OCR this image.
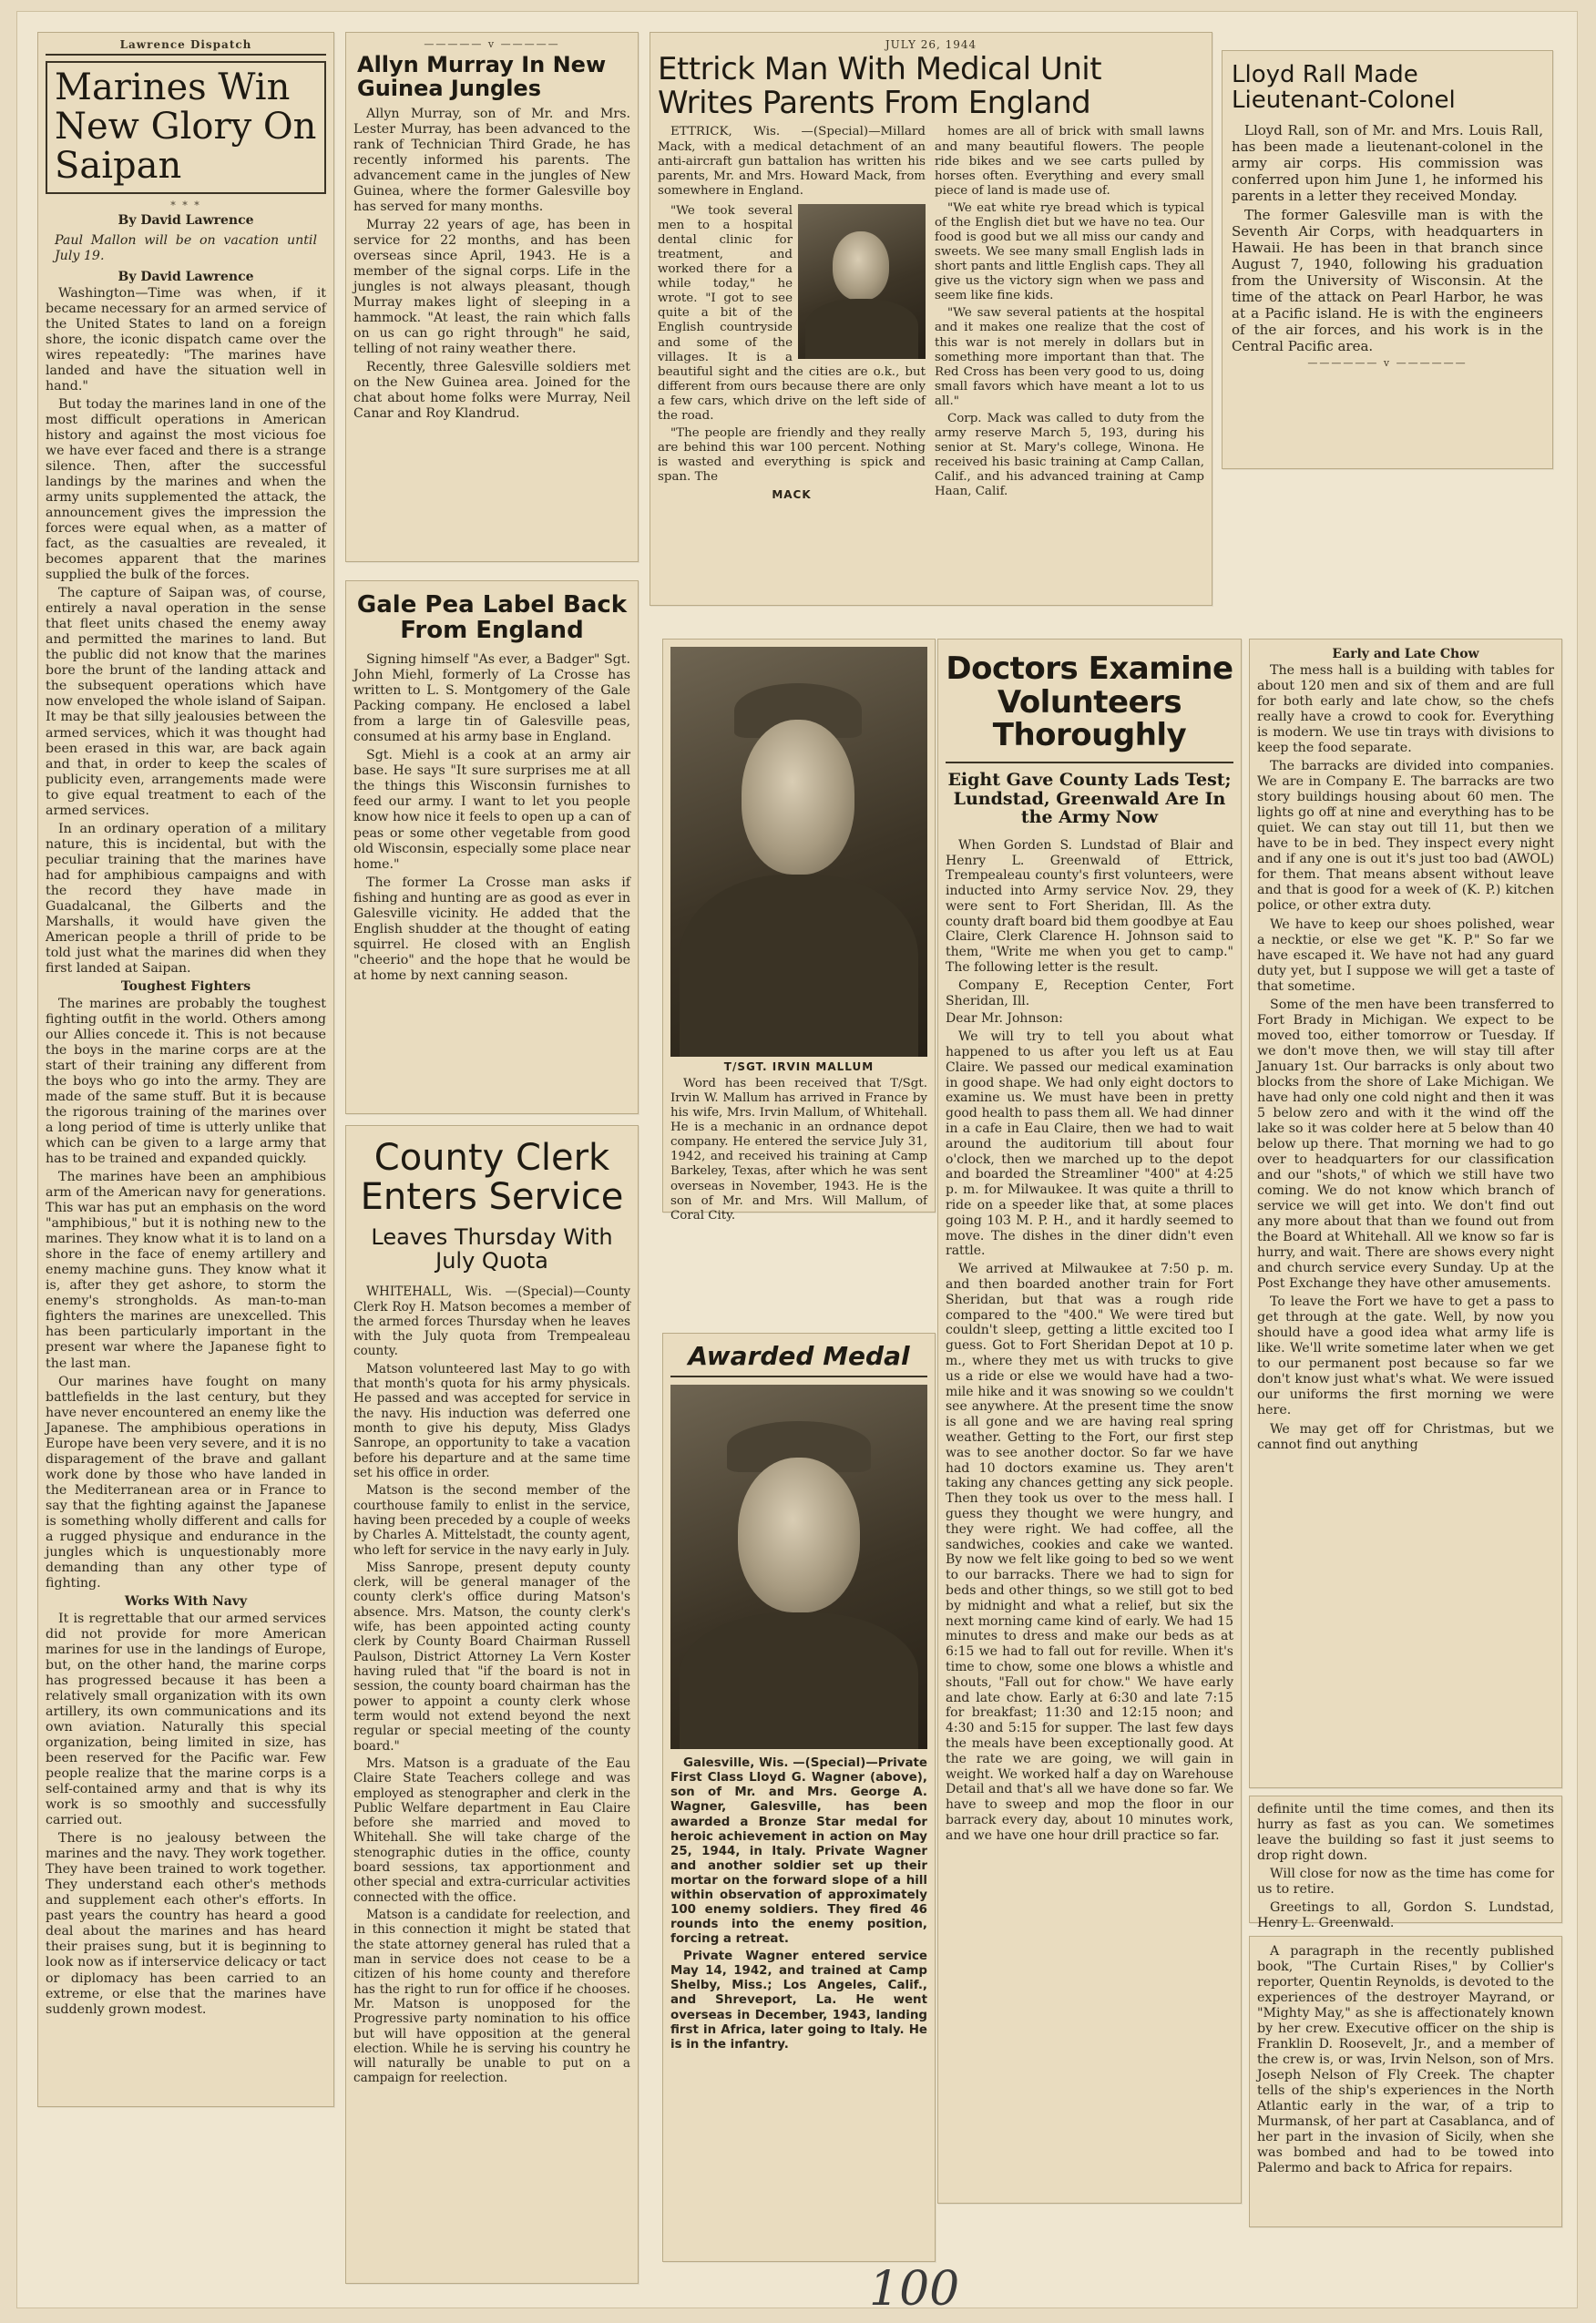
Lawrence Dispatch
Marines Win New Glory On Saipan
* * *
By David Lawrence
Paul Mallon will be on vacation until July 19.
By David Lawrence

Washington—Time was when, if it became necessary for an armed service of the United States to land on a foreign shore, the iconic dispatch came over the wires repeatedly: "The marines have landed and have the situation well in hand."

But today the marines land in one of the most difficult operations in American history and against the most vicious foe we have ever faced and there is a strange silence. Then, after the successful landings by the marines and when the army units supplemented the attack, the announcement gives the impression the forces were equal when, as a matter of fact, as the casualties are revealed, it becomes apparent that the marines supplied the bulk of the forces.

The capture of Saipan was, of course, entirely a naval operation in the sense that fleet units chased the enemy away and permitted the marines to land. But the public did not know that the marines bore the brunt of the landing attack and the subsequent operations which have now enveloped the whole island of Saipan. It may be that silly jealousies between the armed services, which it was thought had been erased in this war, are back again and that, in order to keep the scales of publicity even, arrangements made were to give equal treatment to each of the armed services.

In an ordinary operation of a military nature, this is incidental, but with the peculiar training that the marines have had for amphibious campaigns and with the record they have made in Guadalcanal, the Gilberts and the Marshalls, it would have given the American people a thrill of pride to be told just what the marines did when they first landed at Saipan.

Toughest Fighters

The marines are probably the toughest fighting outfit in the world. Others among our Allies concede it. This is not because the boys in the marine corps are at the start of their training any different from the boys who go into the army. They are made of the same stuff. But it is because the rigorous training of the marines over a long period of time is utterly unlike that which can be given to a large army that has to be trained and expanded quickly.

The marines have been an amphibious arm of the American navy for generations. This war has put an emphasis on the word "amphibious," but it is nothing new to the marines. They know what it is to land on a shore in the face of enemy artillery and enemy machine guns. They know what it is, after they get ashore, to storm the enemy's strongholds. As man-to-man fighters the marines are unexcelled. This has been particularly important in the present war where the Japanese fight to the last man.

Our marines have fought on many battlefields in the last century, but they have never encountered an enemy like the Japanese. The amphibious operations in Europe have been very severe, and it is no disparagement of the brave and gallant work done by those who have landed in the Mediterranean area or in France to say that the fighting against the Japanese is something wholly different and calls for a rugged physique and endurance in the jungles which is unquestionably more demanding than any other type of fighting.

Works With Navy

It is regrettable that our armed services did not provide for more American marines for use in the landings of Europe, but, on the other hand, the marine corps has progressed because it has been a relatively small organization with its own artillery, its own communications and its own aviation. Naturally this special organization, being limited in size, has been reserved for the Pacific war. Few people realize that the marine corps is a self-contained army and that is why its work is so smoothly and successfully carried out.

There is no jealousy between the marines and the navy. They work together. They have been trained to work together. They understand each other's methods and supplement each other's efforts. In past years the country has heard a good deal about the marines and has heard their praises sung, but it is beginning to look now as if interservice delicacy or tact or diplomacy has been carried to an extreme, or else that the marines have suddenly grown modest.

————— v —————
Allyn Murray In New Guinea Jungles

Allyn Murray, son of Mr. and Mrs. Lester Murray, has been advanced to the rank of Technician Third Grade, he has recently informed his parents. The advancement came in the jungles of New Guinea, where the former Galesville boy has served for many months.

Murray 22 years of age, has been in service for 22 months, and has been overseas since April, 1943. He is a member of the signal corps. Life in the jungles is not always pleasant, though Murray makes light of sleeping in a hammock. "At least, the rain which falls on us can go right through" he said, telling of not rainy weather there.

Recently, three Galesville soldiers met on the New Guinea area. Joined for the chat about home folks were Murray, Neil Canar and Roy Klandrud.

Gale Pea Label Back From England

Signing himself "As ever, a Badger" Sgt. John Miehl, formerly of La Crosse has written to L. S. Montgomery of the Gale Packing company. He enclosed a label from a large tin of Galesville peas, consumed at his army base in England.

Sgt. Miehl is a cook at an army air base. He says "It sure surprises me at all the things this Wisconsin furnishes to feed our army. I want to let you people know how nice it feels to open up a can of peas or some other vegetable from good old Wisconsin, especially some place near home."

The former La Crosse man asks if fishing and hunting are as good as ever in Galesville vicinity. He added that the English shudder at the thought of eating squirrel. He closed with an English "cheerio" and the hope that he would be at home by next canning season.

County Clerk Enters Service
Leaves Thursday With July Quota

WHITEHALL, Wis. —(Special)—County Clerk Roy H. Matson becomes a member of the armed forces Thursday when he leaves with the July quota from Trempealeau county.

Matson volunteered last May to go with that month's quota for his army physicals. He passed and was accepted for service in the navy. His induction was deferred one month to give his deputy, Miss Gladys Sanrope, an opportunity to take a vacation before his departure and at the same time set his office in order.

Matson is the second member of the courthouse family to enlist in the service, having been preceded by a couple of weeks by Charles A. Mittelstadt, the county agent, who left for service in the navy early in July.

Miss Sanrope, present deputy county clerk, will be general manager of the county clerk's office during Matson's absence. Mrs. Matson, the county clerk's wife, has been appointed acting county clerk by County Board Chairman Russell Paulson, District Attorney La Vern Koster having ruled that "if the board is not in session, the county board chairman has the power to appoint a county clerk whose term would not extend beyond the next regular or special meeting of the county board."

Mrs. Matson is a graduate of the Eau Claire State Teachers college and was employed as stenographer and clerk in the Public Welfare department in Eau Claire before she married and moved to Whitehall. She will take charge of the stenographic duties in the office, county board sessions, tax apportionment and other special and extra-curricular activities connected with the office.

Matson is a candidate for reelection, and in this connection it might be stated that the state attorney general has ruled that a man in service does not cease to be a citizen of his home county and therefore has the right to run for office if he chooses. Mr. Matson is unopposed for the Progressive party nomination to his office but will have opposition at the general election. While he is serving his country he will naturally be unable to put on a campaign for reelection.

JULY 26, 1944
Ettrick Man With Medical Unit Writes Parents From England

ETTRICK, Wis. —(Special)—Millard Mack, with a medical detachment of an anti-aircraft gun battalion has written his parents, Mr. and Mrs. Howard Mack, from somewhere in England.

"We took several men to a hospital dental clinic for treatment, and worked there for a while today," he wrote. "I got to see quite a bit of the English countryside and some of the villages. It is a beautiful sight and the cities are o.k., but different from ours because there are only a few cars, which drive on the left side of the road.

"The people are friendly and they really are behind this war 100 percent. Nothing is wasted and everything is spick and span. The

MACK

homes are all of brick with small lawns and many beautiful flowers. The people ride bikes and we see carts pulled by horses often. Everything and every small piece of land is made use of.

"We eat white rye bread which is typical of the English diet but we have no tea. Our food is good but we all miss our candy and sweets. We see many small English lads in short pants and little English caps. They all give us the victory sign when we pass and seem like fine kids.

"We saw several patients at the hospital and it makes one realize that the cost of this war is not merely in dollars but in something more important than that. The Red Cross has been very good to us, doing small favors which have meant a lot to us all."

Corp. Mack was called to duty from the army reserve March 5, 193, during his senior at St. Mary's college, Winona. He received his basic training at Camp Callan, Calif., and his advanced training at Camp Haan, Calif.

Lloyd Rall Made Lieutenant-Colonel

Lloyd Rall, son of Mr. and Mrs. Louis Rall, has been made a lieutenant-colonel in the army air corps. His commission was conferred upon him June 1, he informed his parents in a letter they received Monday.

The former Galesville man is with the Seventh Air Corps, with headquarters in Hawaii. He has been in that branch since August 7, 1940, following his graduation from the University of Wisconsin. At the time of the attack on Pearl Harbor, he was at a Pacific island. He is with the engineers of the air forces, and his work is in the Central Pacific area.

—————— v ——————
T/SGT. IRVIN MALLUM

Word has been received that T/Sgt. Irvin W. Mallum has arrived in France by his wife, Mrs. Irvin Mallum, of Whitehall. He is a mechanic in an ordnance depot company. He entered the service July 31, 1942, and received his training at Camp Barkeley, Texas, after which he was sent overseas in November, 1943. He is the son of Mr. and Mrs. Will Mallum, of Coral City.

Awarded Medal

Galesville, Wis. —(Special)—Private First Class Lloyd G. Wagner (above), son of Mr. and Mrs. George A. Wagner, Galesville, has been awarded a Bronze Star medal for heroic achievement in action on May 25, 1944, in Italy. Private Wagner and another soldier set up their mortar on the forward slope of a hill within observation of approximately 100 enemy soldiers. They fired 46 rounds into the enemy position, forcing a retreat.

Private Wagner entered service May 14, 1942, and trained at Camp Shelby, Miss.; Los Angeles, Calif., and Shreveport, La. He went overseas in December, 1943, landing first in Africa, later going to Italy. He is in the infantry.

Doctors Examine Volunteers Thoroughly
Eight Gave County Lads Test; Lundstad, Greenwald Are In the Army Now

When Gorden S. Lundstad of Blair and Henry L. Greenwald of Ettrick, Trempealeau county's first volunteers, were inducted into Army service Nov. 29, they were sent to Fort Sheridan, Ill. As the county draft board bid them goodbye at Eau Claire, Clerk Clarence H. Johnson said to them, "Write me when you get to camp." The following letter is the result.

Company E, Reception Center, Fort Sheridan, Ill.

Dear Mr. Johnson:

We will try to tell you about what happened to us after you left us at Eau Claire. We passed our medical examination in good shape. We had only eight doctors to examine us. We must have been in pretty good health to pass them all. We had dinner in a cafe in Eau Claire, then we had to wait around the auditorium till about four o'clock, then we marched up to the depot and boarded the Streamliner "400" at 4:25 p. m. for Milwaukee. It was quite a thrill to ride on a speeder like that, at some places going 103 M. P. H., and it hardly seemed to move. The dishes in the diner didn't even rattle.

We arrived at Milwaukee at 7:50 p. m. and then boarded another train for Fort Sheridan, but that was a rough ride compared to the "400." We were tired but couldn't sleep, getting a little excited too I guess. Got to Fort Sheridan Depot at 10 p. m., where they met us with trucks to give us a ride or else we would have had a two-mile hike and it was snowing so we couldn't see anywhere. At the present time the snow is all gone and we are having real spring weather. Getting to the Fort, our first step was to see another doctor. So far we have had 10 doctors examine us. They aren't taking any chances getting any sick people. Then they took us over to the mess hall. I guess they thought we were hungry, and they were right. We had coffee, all the sandwiches, cookies and cake we wanted. By now we felt like going to bed so we went to our barracks. There we had to sign for beds and other things, so we still got to bed by midnight and what a relief, but six the next morning came kind of early. We had 15 minutes to dress and make our beds as at 6:15 we had to fall out for reville. When it's time to chow, some one blows a whistle and shouts, "Fall out for chow." We have early and late chow. Early at 6:30 and late 7:15 for breakfast; 11:30 and 12:15 noon; and 4:30 and 5:15 for supper. The last few days the meals have been exceptionally good. At the rate we are going, we will gain in weight. We worked half a day on Warehouse Detail and that's all we have done so far. We have to sweep and mop the floor in our barrack every day, about 10 minutes work, and we have one hour drill practice so far.

Early and Late Chow

The mess hall is a building with tables for about 120 men and six of them and are full for both early and late chow, so the chefs really have a crowd to cook for. Everything is modern. We use tin trays with divisions to keep the food separate.

The barracks are divided into companies. We are in Company E. The barracks are two story buildings housing about 60 men. The lights go off at nine and everything has to be quiet. We can stay out till 11, but then we have to be in bed. They inspect every night and if any one is out it's just too bad (AWOL) for them. That means absent without leave and that is good for a week of (K. P.) kitchen police, or other extra duty.

We have to keep our shoes polished, wear a necktie, or else we get "K. P." So far we have escaped it. We have not had any guard duty yet, but I suppose we will get a taste of that sometime.

Some of the men have been transferred to Fort Brady in Michigan. We expect to be moved too, either tomorrow or Tuesday. If we don't move then, we will stay till after January 1st. Our barracks is only about two blocks from the shore of Lake Michigan. We have had only one cold night and then it was 5 below zero and with it the wind off the lake so it was colder here at 5 below than 40 below up there. That morning we had to go over to headquarters for our classification and our "shots," of which we still have two coming. We do not know which branch of service we will get into. We don't find out any more about that than we found out from the Board at Whitehall. All we know so far is hurry, and wait. There are shows every night and church service every Sunday. Up at the Post Exchange they have other amusements.

To leave the Fort we have to get a pass to get through at the gate. Well, by now you should have a good idea what army life is like. We'll write sometime later when we get to our permanent post because so far we don't know just what's what. We were issued our uniforms the first morning we were here.

We may get off for Christmas, but we cannot find out anything

definite until the time comes, and then its hurry as fast as you can. We sometimes leave the building so fast it just seems to drop right down.

Will close for now as the time has come for us to retire.

Greetings to all, Gordon S. Lundstad, Henry L. Greenwald.

A paragraph in the recently published book, "The Curtain Rises," by Collier's reporter, Quentin Reynolds, is devoted to the experiences of the destroyer Mayrand, or "Mighty May," as she is affectionately known by her crew. Executive officer on the ship is Franklin D. Roosevelt, Jr., and a member of the crew is, or was, Irvin Nelson, son of Mrs. Joseph Nelson of Fly Creek. The chapter tells of the ship's experiences in the North Atlantic early in the war, of a trip to Murmansk, of her part at Casablanca, and of her part in the invasion of Sicily, when she was bombed and had to be towed into Palermo and back to Africa for repairs.

100
